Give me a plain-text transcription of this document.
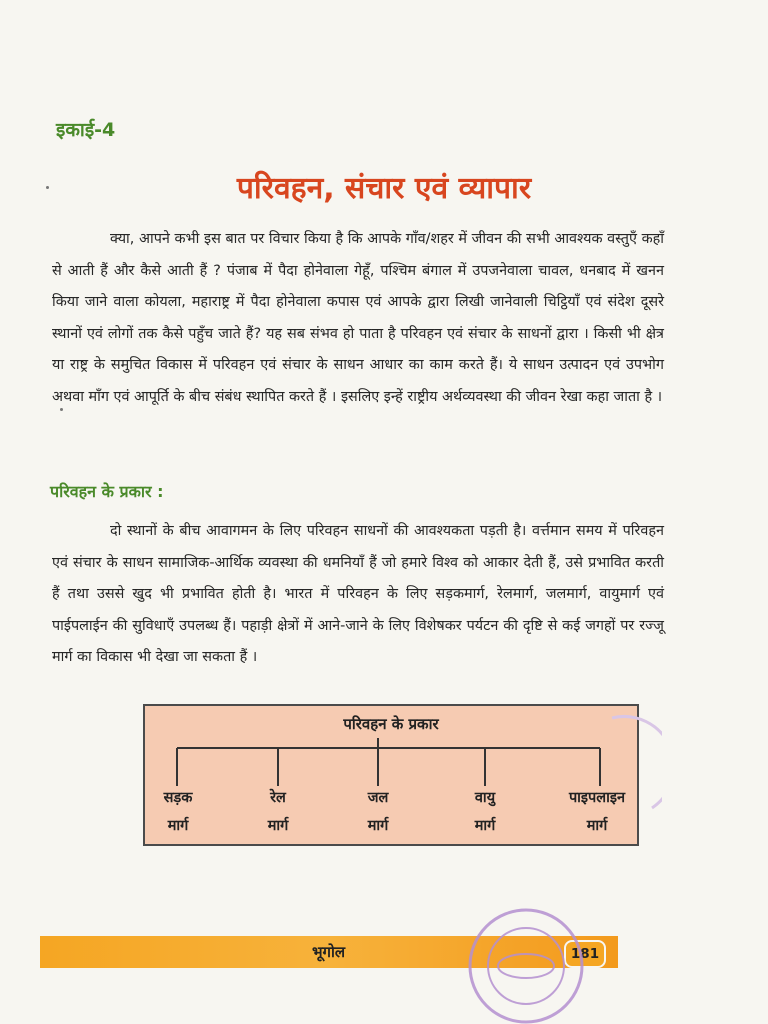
इकाई-4
परिवहन, संचार एवं व्यापार

क्या, आपने कभी इस बात पर विचार किया है कि आपके गाँव/शहर में जीवन की सभी आवश्यक वस्तुएँ कहाँ से आती हैं और कैसे आती हैं ? पंजाब में पैदा होनेवाला गेहूँ, पश्चिम बंगाल में उपजनेवाला चावल, धनबाद में खनन किया जाने वाला कोयला, महाराष्ट्र में पैदा होनेवाला कपास एवं आपके द्वारा लिखी जानेवाली चिट्ठियाँ एवं संदेश दूसरे स्थानों एवं लोगों तक कैसे पहुँच जाते हैं? यह सब संभव हो पाता है परिवहन एवं संचार के साधनों द्वारा । किसी भी क्षेत्र या राष्ट्र के समुचित विकास में परिवहन एवं संचार के साधन आधार का काम करते हैं। ये साधन उत्पादन एवं उपभोग अथवा माँग एवं आपूर्ति के बीच संबंध स्थापित करते हैं । इसलिए इन्हें राष्ट्रीय अर्थव्यवस्था की जीवन रेखा कहा जाता है ।

परिवहन के प्रकार :

दो स्थानों के बीच आवागमन के लिए परिवहन साधनों की आवश्यकता पड़ती है। वर्त्तमान समय में परिवहन एवं संचार के साधन सामाजिक-आर्थिक व्यवस्था की धमनियाँ हैं जो हमारे विश्व को आकार देती हैं, उसे प्रभावित करती हैं तथा उससे खुद भी प्रभावित होती है। भारत में परिवहन के लिए सड़कमार्ग, रेलमार्ग, जलमार्ग, वायुमार्ग एवं पाईपलाईन की सुविधाएँ उपलब्ध हैं। पहाड़ी क्षेत्रों में आने-जाने के लिए विशेषकर पर्यटन की दृष्टि से कई जगहों पर रज्जू मार्ग का विकास भी देखा जा सकता हैं ।

परिवहन के प्रकार
सड़क
मार्ग
रेल
मार्ग
जल
मार्ग
वायु
मार्ग
पाइपलाइन
मार्ग
भूगोल	181
